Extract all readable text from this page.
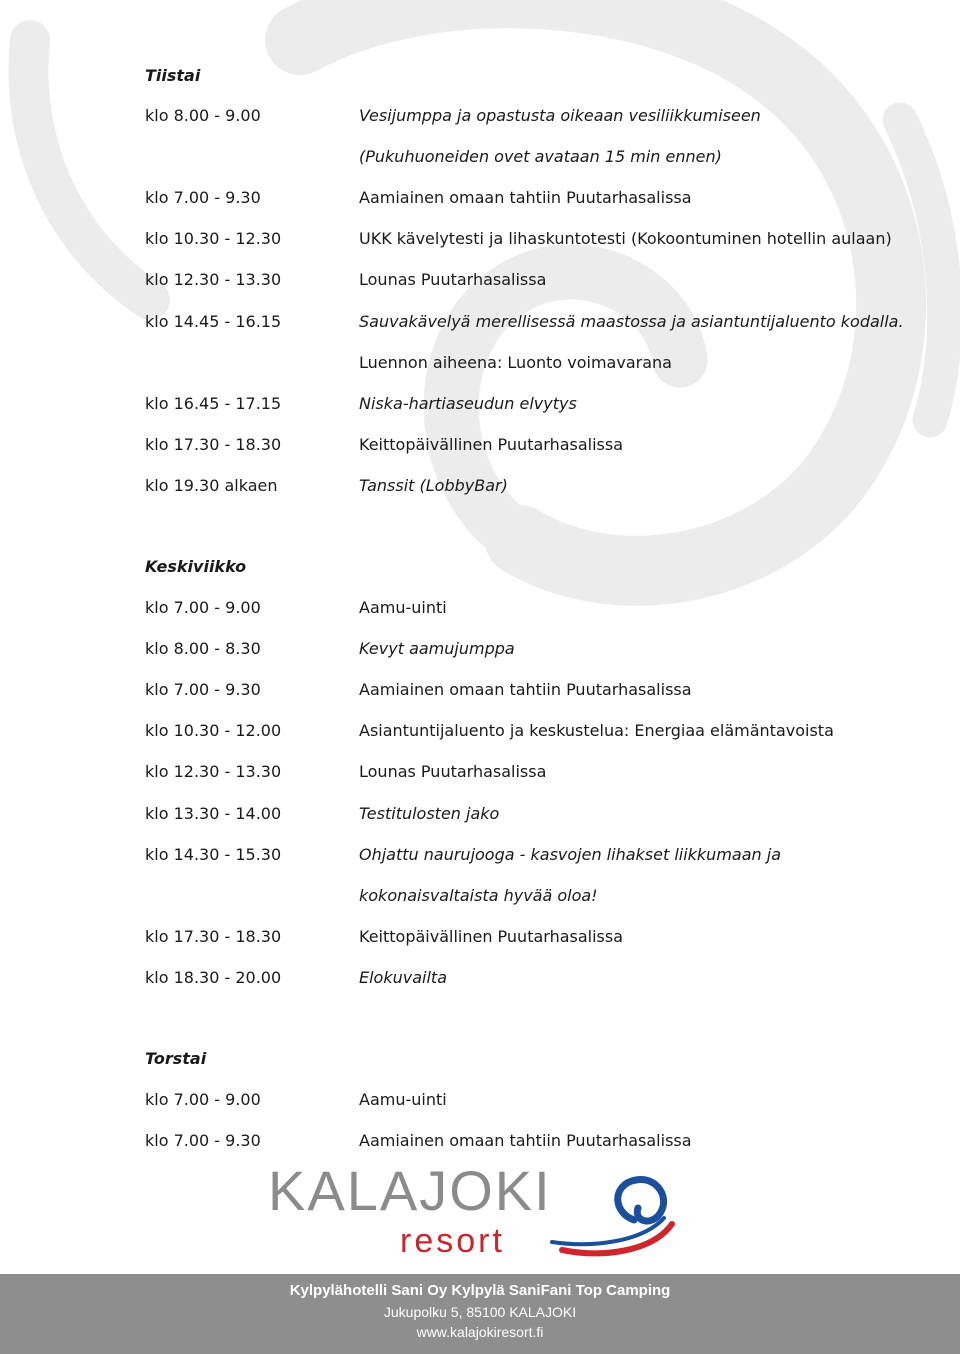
Tiistai
klo 8.00 - 9.00	Vesijumppa ja opastusta oikeaan vesiliikkumiseen
(Pukuhuoneiden ovet avataan 15 min ennen)
klo 7.00 - 9.30	Aamiainen omaan tahtiin Puutarhasalissa
klo 10.30 - 12.30	UKK kävelytesti ja lihaskuntotesti (Kokoontuminen hotellin aulaan)
klo 12.30 - 13.30	Lounas Puutarhasalissa
klo 14.45 - 16.15	Sauvakävelyä merellisessä maastossa ja asiantuntijaluento kodalla.
Luennon aiheena: Luonto voimavarana
klo 16.45 - 17.15	Niska-hartiaseudun elvytys
klo 17.30 - 18.30	Keittopäivällinen Puutarhasalissa
klo 19.30 alkaen	Tanssit (LobbyBar)
Keskiviikko
klo 7.00 - 9.00	Aamu-uinti
klo 8.00 - 8.30	Kevyt aamujumppa
klo 7.00 - 9.30	Aamiainen omaan tahtiin Puutarhasalissa
klo 10.30 - 12.00	Asiantuntijaluento ja keskustelua: Energiaa elämäntavoista
klo 12.30 - 13.30	Lounas Puutarhasalissa
klo 13.30 - 14.00	Testitulosten jako
klo 14.30 - 15.30	Ohjattu naurujooga - kasvojen lihakset liikkumaan ja
kokonaisvaltaista hyvää oloa!
klo 17.30 - 18.30	Keittopäivällinen Puutarhasalissa
klo 18.30 - 20.00	Elokuvailta
Torstai
klo 7.00 - 9.00	Aamu-uinti
klo 7.00 - 9.30	Aamiainen omaan tahtiin Puutarhasalissa
KALAJOKI
resort
Kylpylähotelli Sani Oy Kylpylä SaniFani Top Camping
Jukupolku 5, 85100 KALAJOKI
www.kalajokiresort.fi
